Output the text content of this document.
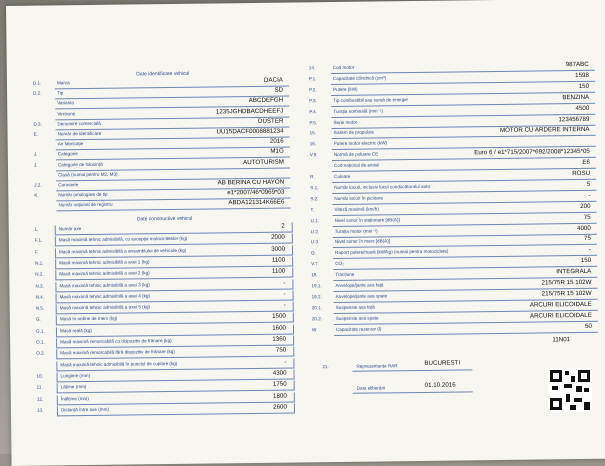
Date identificare vehicul
D.1.	Marca	DACIA
D.2.	Tip	SD
Varianta	ABCDEFGH
Versiune	1235JGHDBACDHEEFJ
D.3.	Denumire comercială	DUSTER
E.	Număr de identificare	UU15DACF0008881234
An fabricație	2016
J.	Categorie	M1G
J.	Categorie de folosință	AUTOTURISM
Clasă (numai pentru M2, M3)
J.2.	Caroserie	AB BERINA CU HAYON
K.	Număr omologare de tip	e1*2007/46*0969*03
Număr național de registru	ABDA121314K66E6
Date constructive vehicul
L.	Număr axe	2
F.1.	Masă maximă tehnic admisibilă, cu excepția motocicletelor (kg)	2000
F.	Masă maximă tehnic admisibilă a ansamblului de vehicule (kg)	3000
N.1.	Masă maximă tehnic admisibilă a axei 1 (kg)	1100
N.2.	Masă maximă tehnic admisibilă a axei 2 (kg)	1100
N.3.	Masă maximă tehnic admisibilă a axei 3 (kg)	-
N.4.	Masă maximă tehnic admisibilă a axei 4 (kg)	-
N.5.	Masă maximă tehnic admisibilă a axei 5 (kg)	-
G.	Masă în ordine de mers (kg)	1500
G.1.	Masă reală (kg)	1600
O.1.	Masă maximă remorcabilă cu dispozitiv de frânare (kg)	1360
O.2.	Masă maximă remorcabilă fără dispozitiv de frânare (kg)	750
Masă maximă tehnic admisibilă în punctul de cuplare (kg)	-
10.	Lungime (mm)	4300
11.	Lățime (mm)	1750
12.	Înălțime (mm)	1800
13.	Distanță între axe (mm)	2600
14.	Cod motor	987ABC
P.1.	Capacitate cilindrică (cm³)	1598
P.2.	Putere (kW)	150
P.3.	Tip combustibil sau sursă de energie	BENZINA
P.4.	Turația nominală (min⁻¹)	4500
P.5.	Serie motor	123456789
15.	Sistem de propulsie	MOTOR CU ARDERE INTERNA
16.	Putere motor electric (kW)
V.9.	Normă de poluare CE	Euro 6 / e1*715/2007*692/2008*12345*05
Cod național de emisii	E6
R.	Culoare	ROSU
S.1.	Număr locuri, inclusiv locul conducătorului auto	5
S.2.	Număr locuri în picioare	-
T.	Viteză maximă (km/h)	200
U.1.	Nivel sonor în staționare [dB(A)]	75
U.2.	Turația motor (min⁻¹)	4000
U.3.	Nivel sonor în mers [dB(A)]	75
Q.	Raport putere/masă (kW/kg) (numai pentru motociclete)	-
V.7.	CO₂	150
18.	Tracțiune	INTEGRALA
19.1.	Anvelope/jante axa față	215/75R 15 102W
19.2.	Anvelope/jante axa spate	215/75R 15 102W
20.1.	Suspensie axa față	ARCURI ELICOIDALE
20.2.	Suspensie axa spate	ARCURI ELICOIDALE
W.	Capacitate rezervor (l)	50
11N01
21.	Reprezentanța RAR	BUCURESTI
Data eliberării	01.10.2016
